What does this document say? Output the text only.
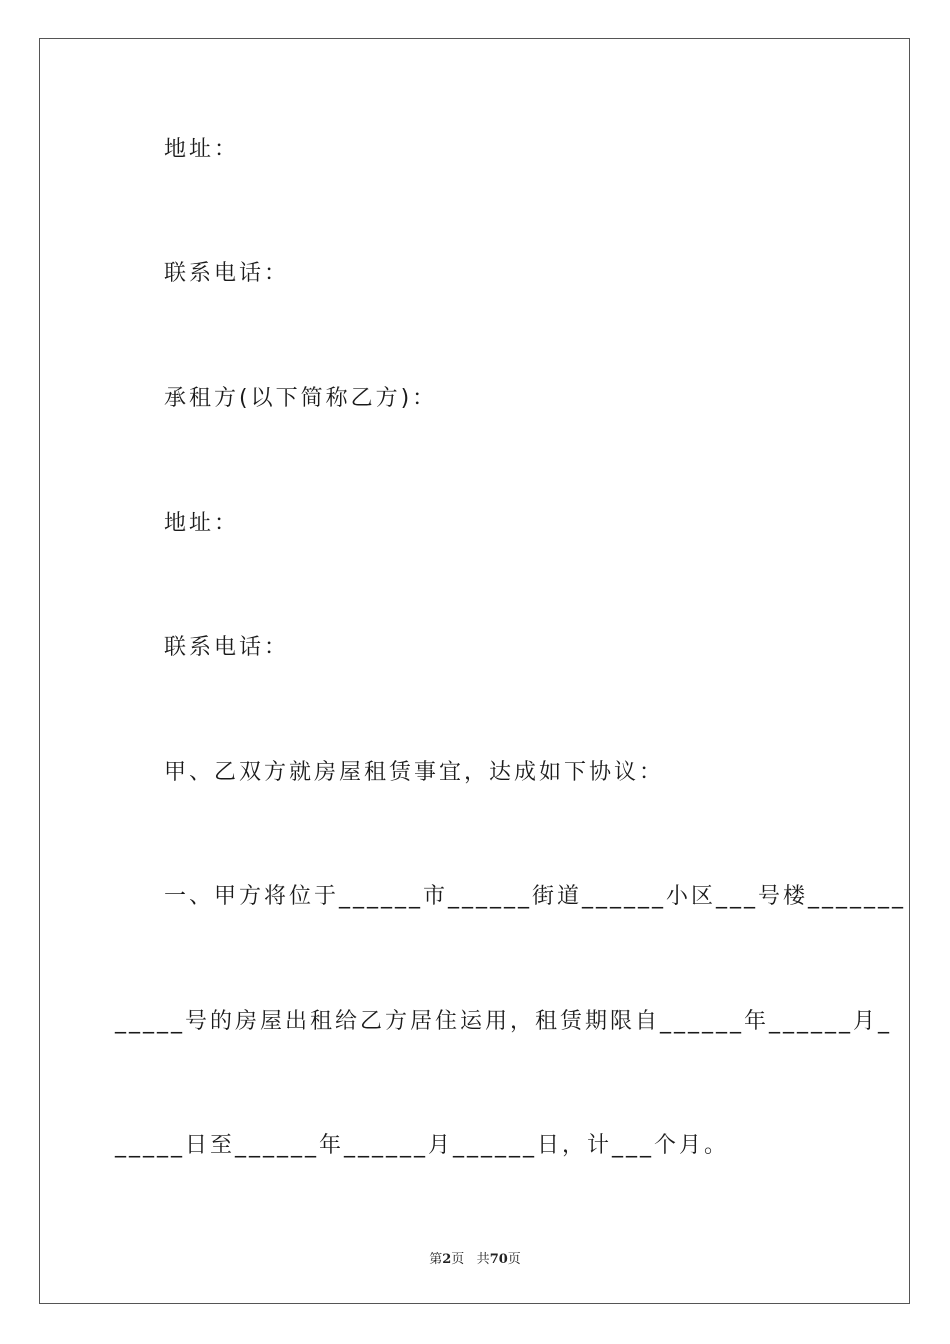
地址：
联系电话：
承租方(以下简称乙方)：
地址：
联系电话：
甲、乙双方就房屋租赁事宜，达成如下协议：
一、甲方将位于______市______街道______小区___号楼_______
_____号的房屋出租给乙方居住运用，租赁期限自______年______月_
_____日至______年______月______日，计___个月。
第2页 共70页
